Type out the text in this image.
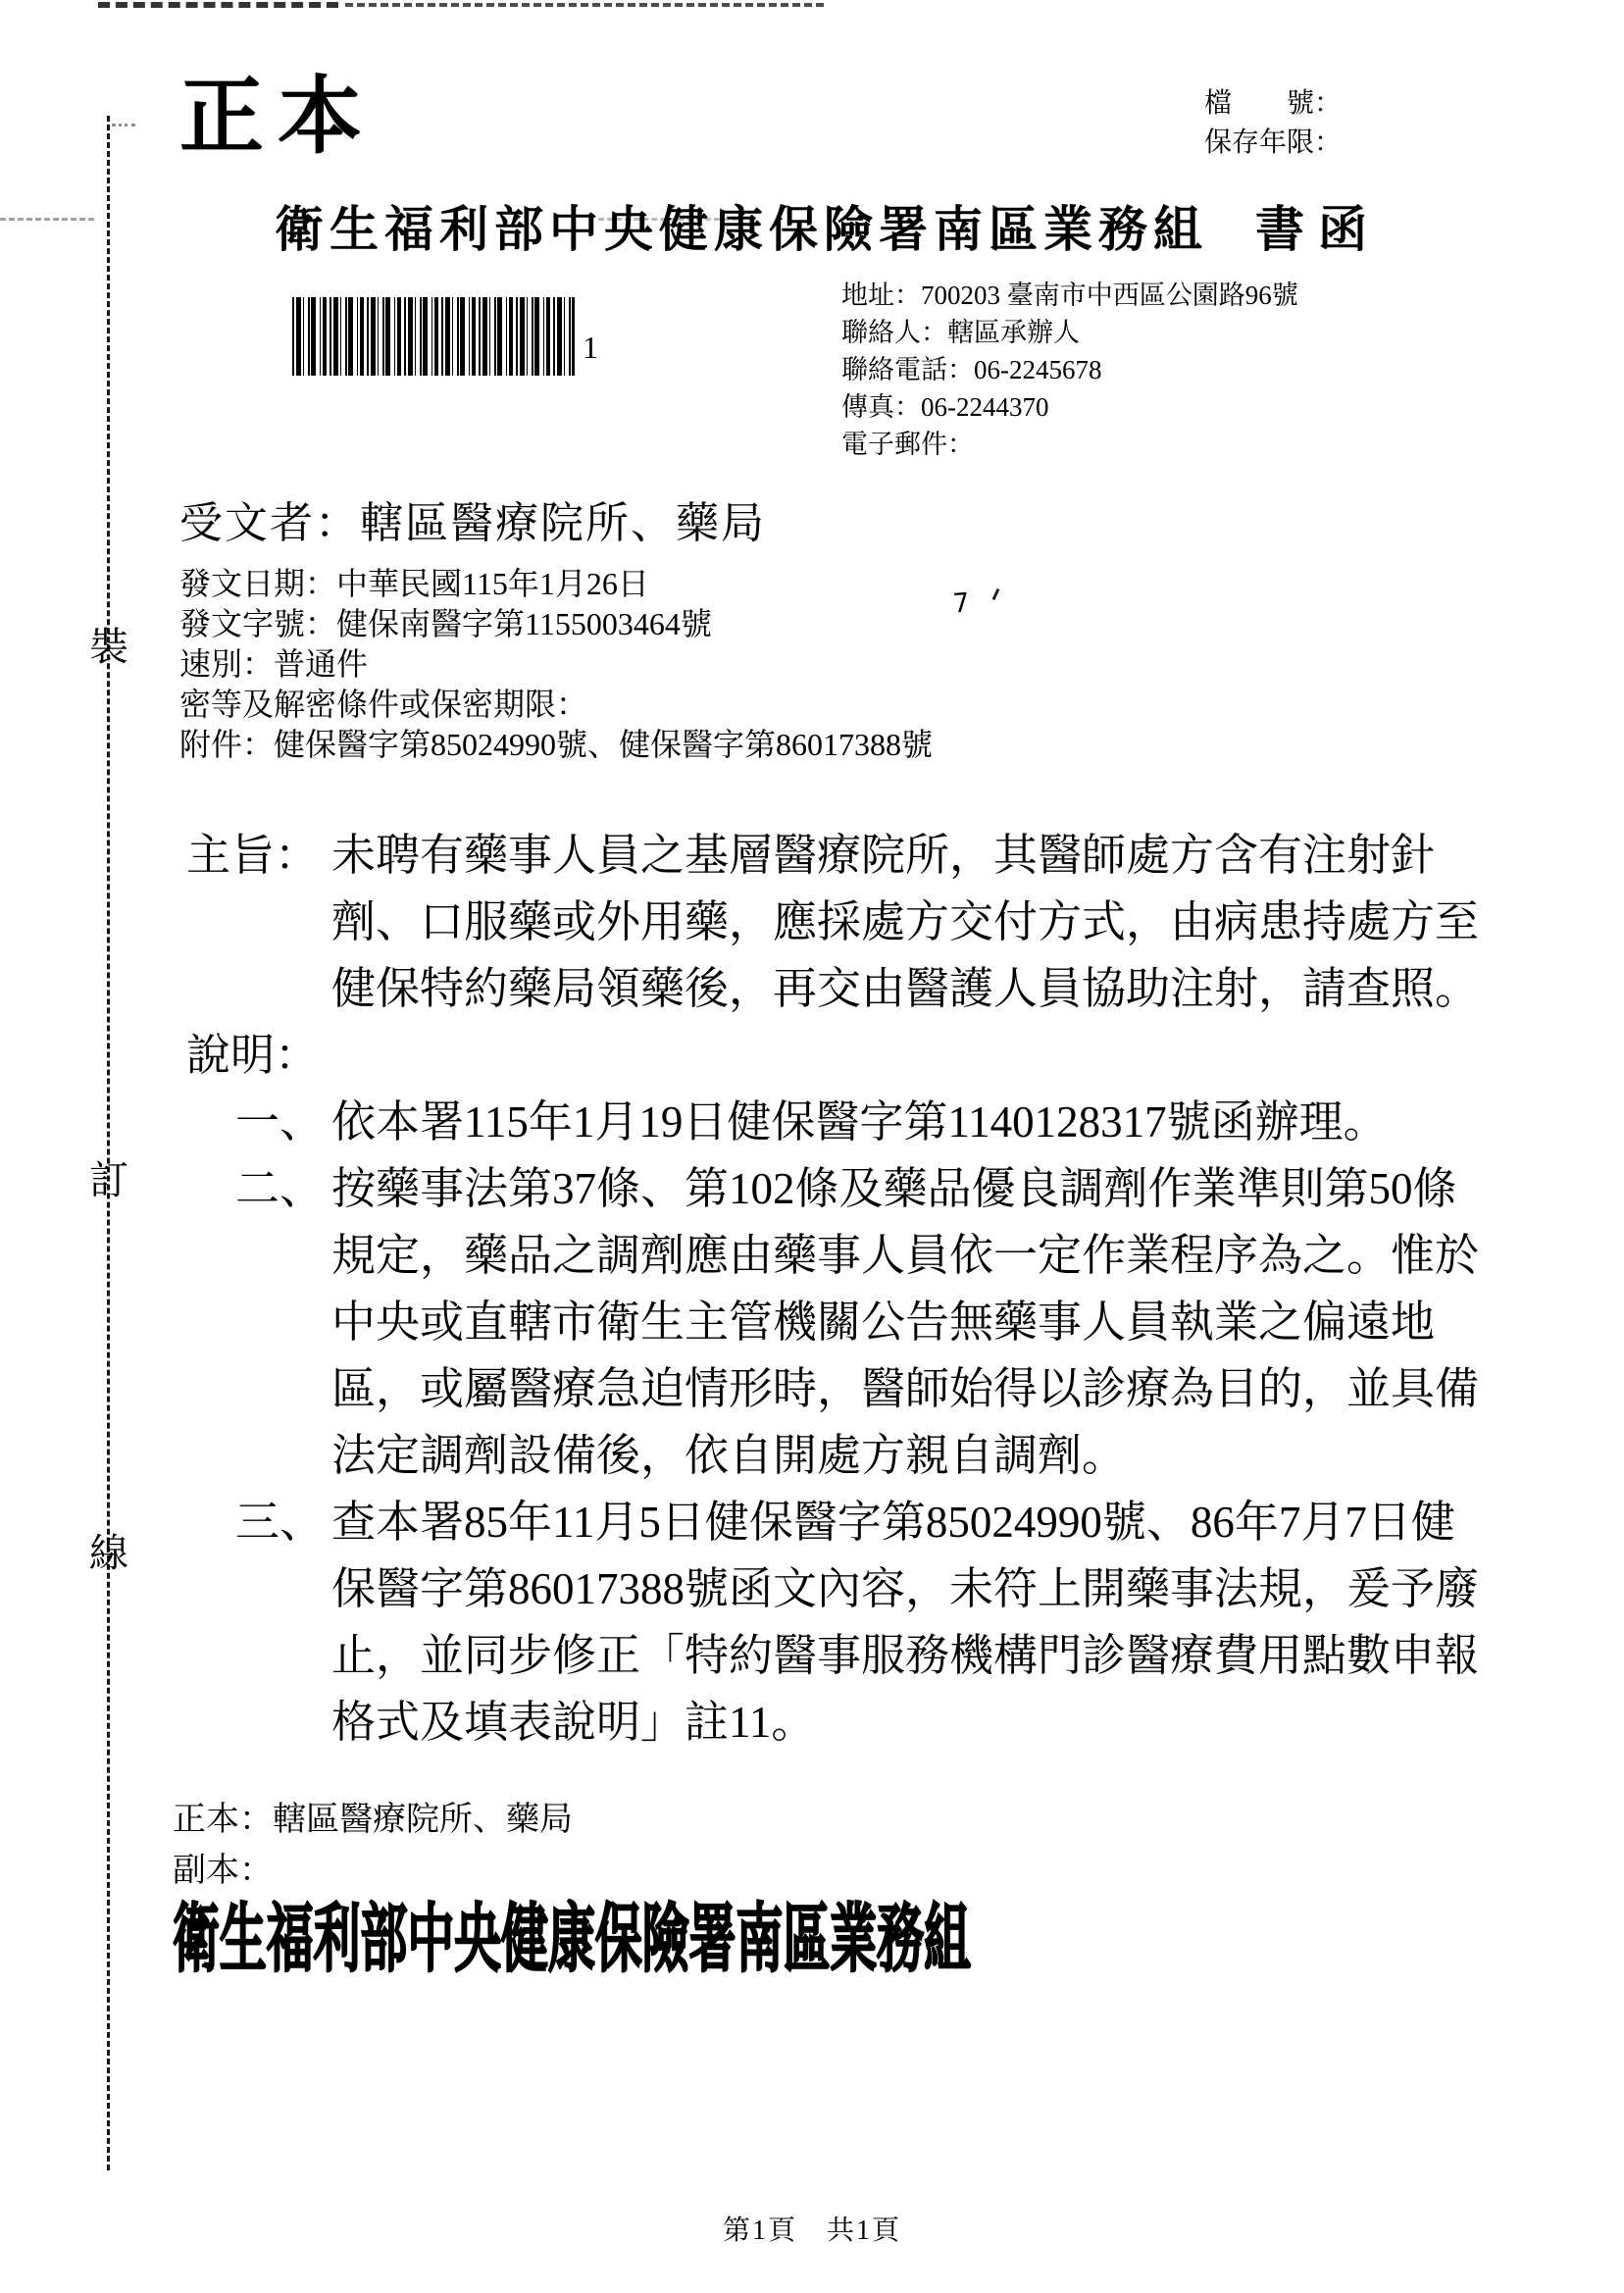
7
裝
訂
線
正本	檔　　號：
保存年限：
衛生福利部中央健康保險署南區業務組 書函
1
地址：700203 臺南市中西區公園路96號
聯絡人：轄區承辦人
聯絡電話：06-2245678
傳真：06-2244370
電子郵件：
受文者：轄區醫療院所、藥局
發文日期：中華民國115年1月26日
發文字號：健保南醫字第1155003464號
速別：普通件
密等及解密條件或保密期限：
附件：健保醫字第85024990號、健保醫字第86017388號
主旨： 未聘有藥事人員之基層醫療院所，其醫師處方含有注射針
劑、口服藥或外用藥，應採處方交付方式，由病患持處方至
健保特約藥局領藥後，再交由醫護人員協助注射，請查照。
說明：
一、 依本署115年1月19日健保醫字第1140128317號函辦理。
二、 按藥事法第37條、第102條及藥品優良調劑作業準則第50條
規定，藥品之調劑應由藥事人員依一定作業程序為之。惟於
中央或直轄市衛生主管機關公告無藥事人員執業之偏遠地
區，或屬醫療急迫情形時，醫師始得以診療為目的，並具備
法定調劑設備後，依自開處方親自調劑。
三、 查本署85年11月5日健保醫字第85024990號、86年7月7日健
保醫字第86017388號函文內容，未符上開藥事法規，爰予廢
止，並同步修正「特約醫事服務機構門診醫療費用點數申報
格式及填表說明」註11。
正本：轄區醫療院所、藥局
副本：
衛生福利部中央健康保險署南區業務組
第1頁　共1頁
